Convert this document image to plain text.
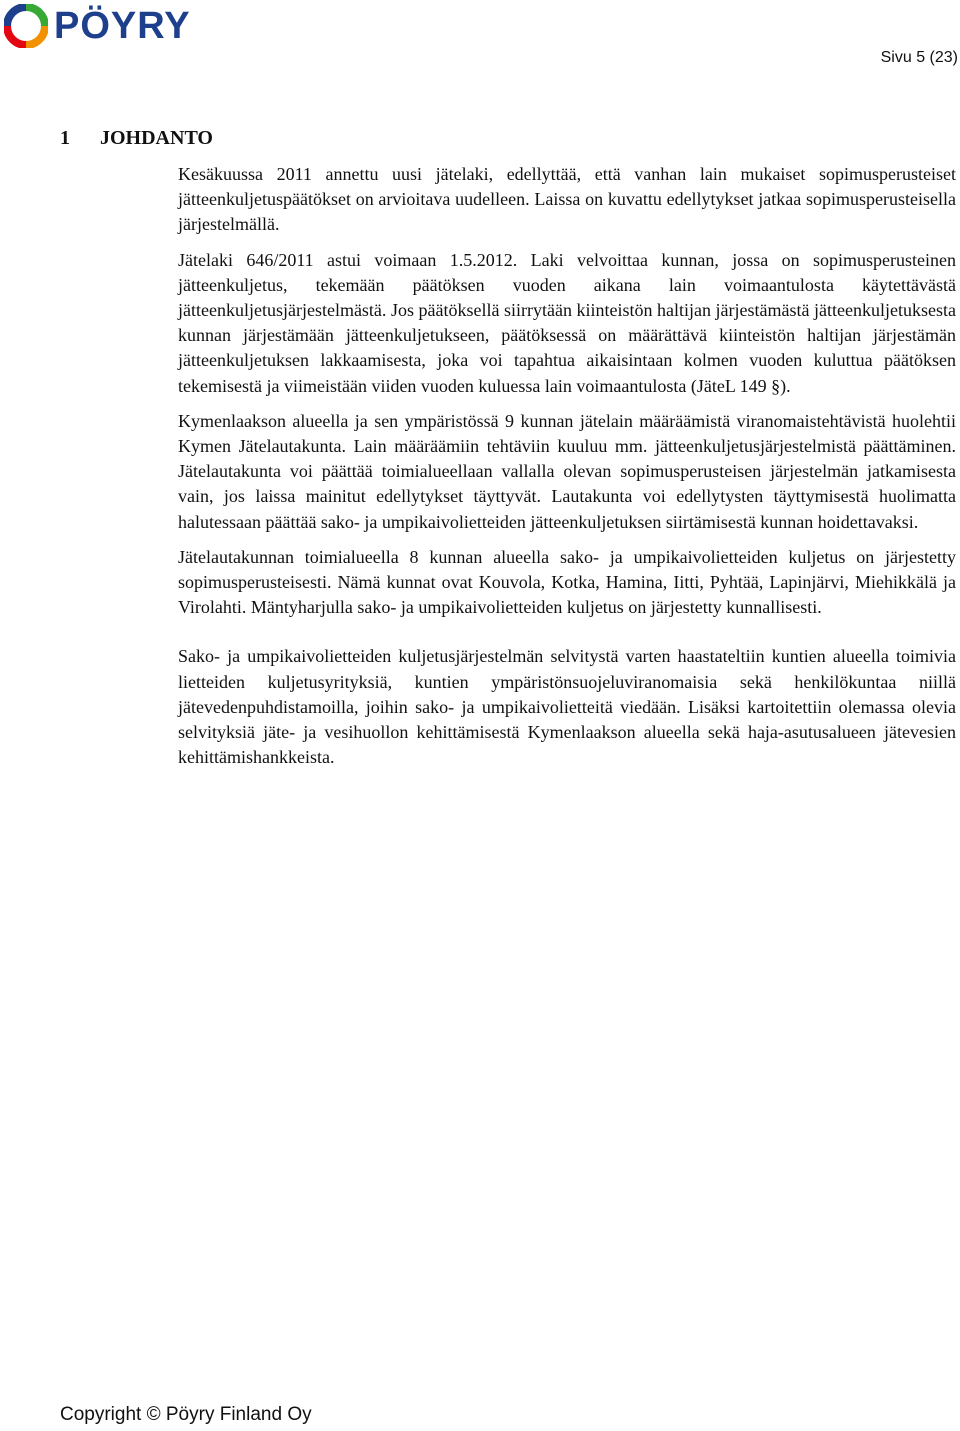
PÖYRY
Sivu 5 (23)
1 JOHDANTO

Kesäkuussa 2011 annettu uusi jätelaki, edellyttää, että vanhan lain mukaiset sopimusperusteiset jätteenkuljetuspäätökset on arvioitava uudelleen. Laissa on kuvattu edellytykset jatkaa sopimusperusteisella järjestelmällä.

Jätelaki 646/2011 astui voimaan 1.5.2012. Laki velvoittaa kunnan, jossa on sopimusperusteinen jätteenkuljetus, tekemään päätöksen vuoden aikana lain voimaantulosta käytettävästä jätteenkuljetusjärjestelmästä. Jos päätöksellä siirrytään kiinteistön haltijan järjestämästä jätteenkuljetuksesta kunnan järjestämään jätteenkuljetukseen, päätöksessä on määrättävä kiinteistön haltijan järjestämän jätteenkuljetuksen lakkaamisesta, joka voi tapahtua aikaisintaan kolmen vuoden kuluttua päätöksen tekemisestä ja viimeistään viiden vuoden kuluessa lain voimaantulosta (JäteL 149 §).

Kymenlaakson alueella ja sen ympäristössä 9 kunnan jätelain määräämistä viranomaistehtävistä huolehtii Kymen Jätelautakunta. Lain määräämiin tehtäviin kuuluu mm. jätteenkuljetusjärjestelmistä päättäminen. Jätelautakunta voi päättää toimialueellaan vallalla olevan sopimusperusteisen järjestelmän jatkamisesta vain, jos laissa mainitut edellytykset täyttyvät. Lautakunta voi edellytysten täyttymisestä huolimatta halutessaan päättää sako- ja umpikaivolietteiden jätteenkuljetuksen siirtämisestä kunnan hoidettavaksi.

Jätelautakunnan toimialueella 8 kunnan alueella sako- ja umpikaivolietteiden kuljetus on järjestetty sopimusperusteisesti. Nämä kunnat ovat Kouvola, Kotka, Hamina, Iitti, Pyhtää, Lapinjärvi, Miehikkälä ja Virolahti. Mäntyharjulla sako- ja umpikaivolietteiden kuljetus on järjestetty kunnallisesti.

Sako- ja umpikaivolietteiden kuljetusjärjestelmän selvitystä varten haastateltiin kuntien alueella toimivia lietteiden kuljetusyrityksiä, kuntien ympäristönsuojeluviranomaisia sekä henkilökuntaa niillä jätevedenpuhdistamoilla, joihin sako- ja umpikaivolietteitä viedään. Lisäksi kartoitettiin olemassa olevia selvityksiä jäte- ja vesihuollon kehittämisestä Kymenlaakson alueella sekä haja-asutusalueen jätevesien kehittämishankkeista.

Copyright © Pöyry Finland Oy
